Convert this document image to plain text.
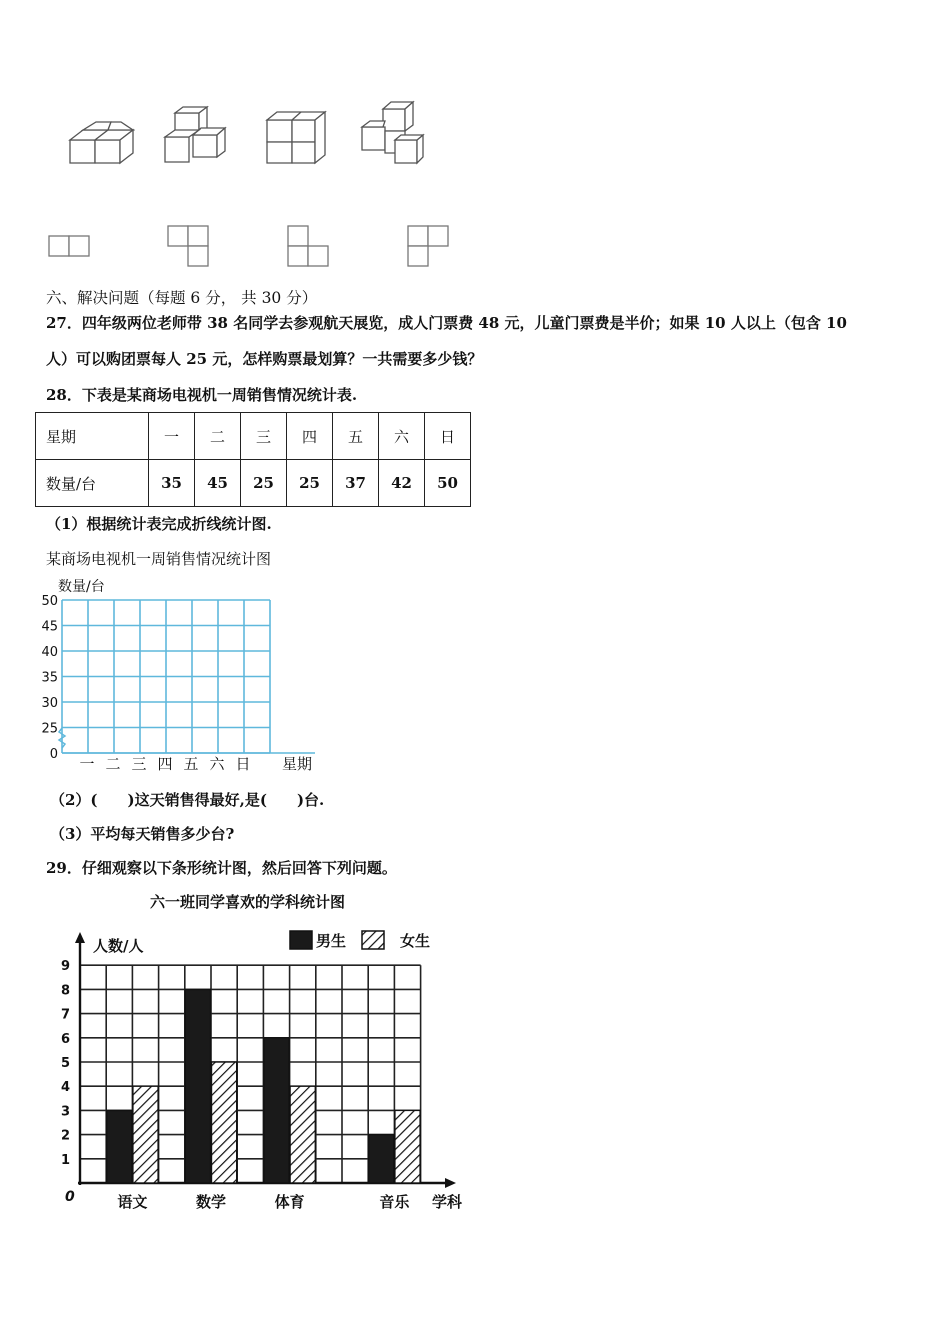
六、解决问题（每题 6 分， 共 30 分）
27．四年级两位老师带 38 名同学去参观航天展览，成人门票费 48 元，儿童门票费是半价；如果 10 人以上（包含 10
人）可以购团票每人 25 元，怎样购票最划算？一共需要多少钱？
28．下表是某商场电视机一周销售情况统计表.
星期	一	二	三	四	五	六	日
数量/台	35	45	25	25	37	42	50
（1）根据统计表完成折线统计图.
某商场电视机一周销售情况统计图
数量/台
50
45
40
35
30
25
0
一 二 三 四 五 六 日 星期
（2）(　　)这天销售得最好,是(　　)台.
（3）平均每天销售多少台?
29．仔细观察以下条形统计图，然后回答下列问题。
六一班同学喜欢的学科统计图
人数/人
0
1
2
3
4
5
6
7
8
9
学科
男生	女生
语文	数学	体育	音乐
